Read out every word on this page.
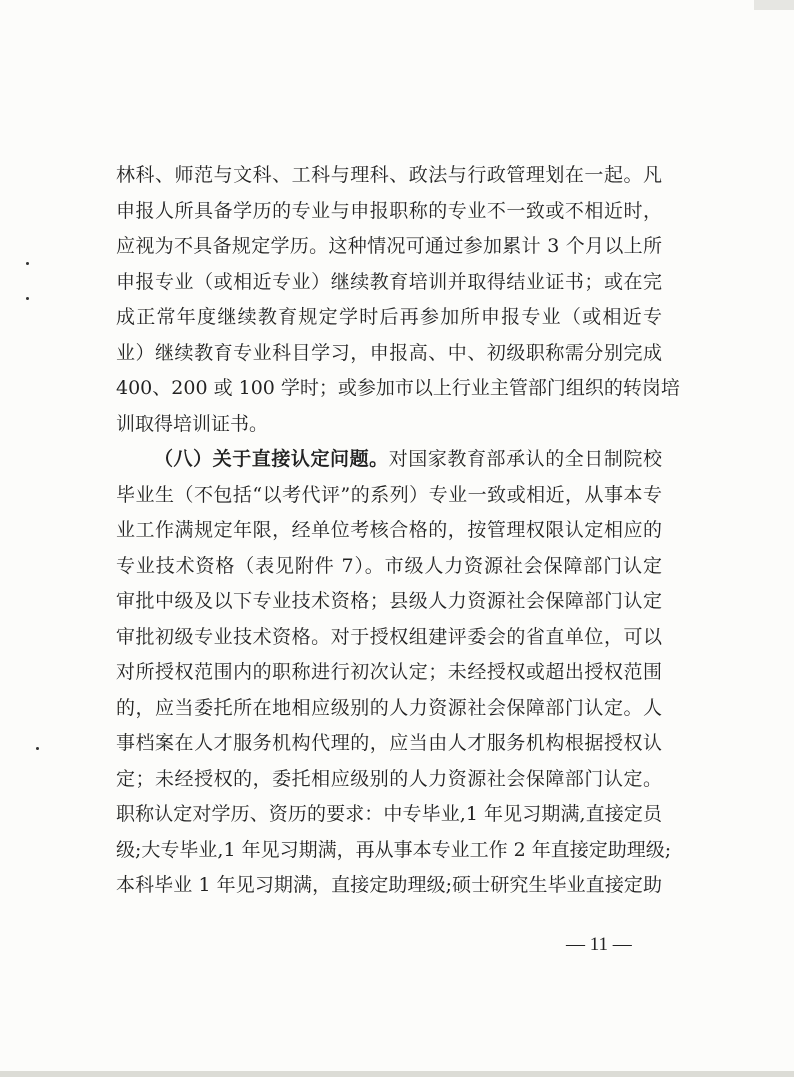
林科、师范与文科、工科与理科、政法与行政管理划在一起。凡
申报人所具备学历的专业与申报职称的专业不一致或不相近时，
应视为不具备规定学历。这种情况可通过参加累计 3 个月以上所
申报专业（或相近专业）继续教育培训并取得结业证书；或在完
成正常年度继续教育规定学时后再参加所申报专业（或相近专
业）继续教育专业科目学习，申报高、中、初级职称需分别完成
400、200 或 100 学时；或参加市以上行业主管部门组织的转岗培
训取得培训证书。
（八）关于直接认定问题。对国家教育部承认的全日制院校
毕业生（不包括“以考代评”的系列）专业一致或相近，从事本专
业工作满规定年限，经单位考核合格的，按管理权限认定相应的
专业技术资格（表见附件 7）。市级人力资源社会保障部门认定
审批中级及以下专业技术资格；县级人力资源社会保障部门认定
审批初级专业技术资格。对于授权组建评委会的省直单位，可以
对所授权范围内的职称进行初次认定；未经授权或超出授权范围
的，应当委托所在地相应级别的人力资源社会保障部门认定。人
事档案在人才服务机构代理的，应当由人才服务机构根据授权认
定；未经授权的，委托相应级别的人力资源社会保障部门认定。
职称认定对学历、资历的要求：中专毕业,1 年见习期满,直接定员
级;大专毕业,1 年见习期满，再从事本专业工作 2 年直接定助理级;
本科毕业 1 年见习期满，直接定助理级;硕士研究生毕业直接定助
— 11 —
